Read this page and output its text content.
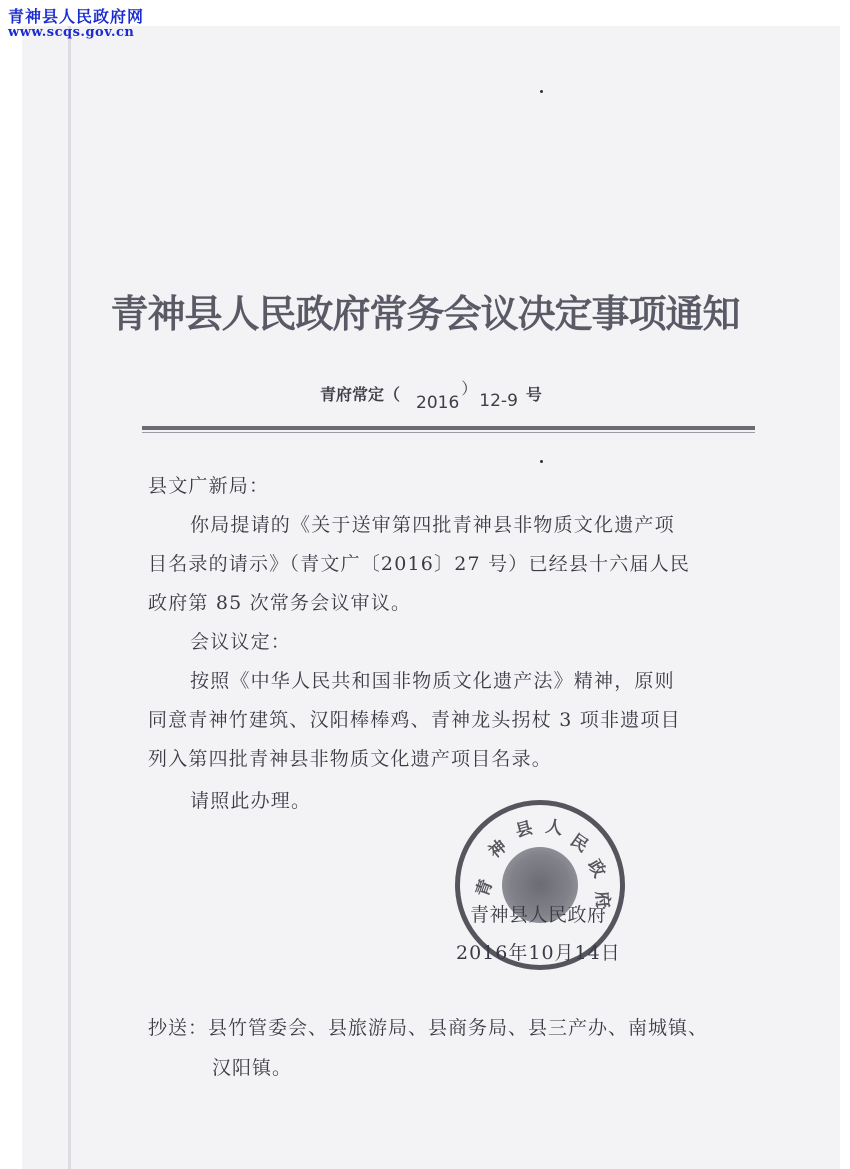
青神县人民政府网
www.scqs.gov.cn
青神县人民政府常务会议决定事项通知
青府常定（ 2016）12-9 号
县文广新局：
你局提请的《关于送审第四批青神县非物质文化遗产项
目名录的请示》（青文广〔2016〕27 号）已经县十六届人民
政府第 85 次常务会议审议。
会议议定：
按照《中华人民共和国非物质文化遗产法》精神，原则
同意青神竹建筑、汉阳棒棒鸡、青神龙头拐杖 3 项非遗项目
列入第四批青神县非物质文化遗产项目名录。
请照此办理。
青
神
县 人
民
政
府
青神县人民政府
2016年10月14日
抄送：县竹管委会、县旅游局、县商务局、县三产办、南城镇、
汉阳镇。
